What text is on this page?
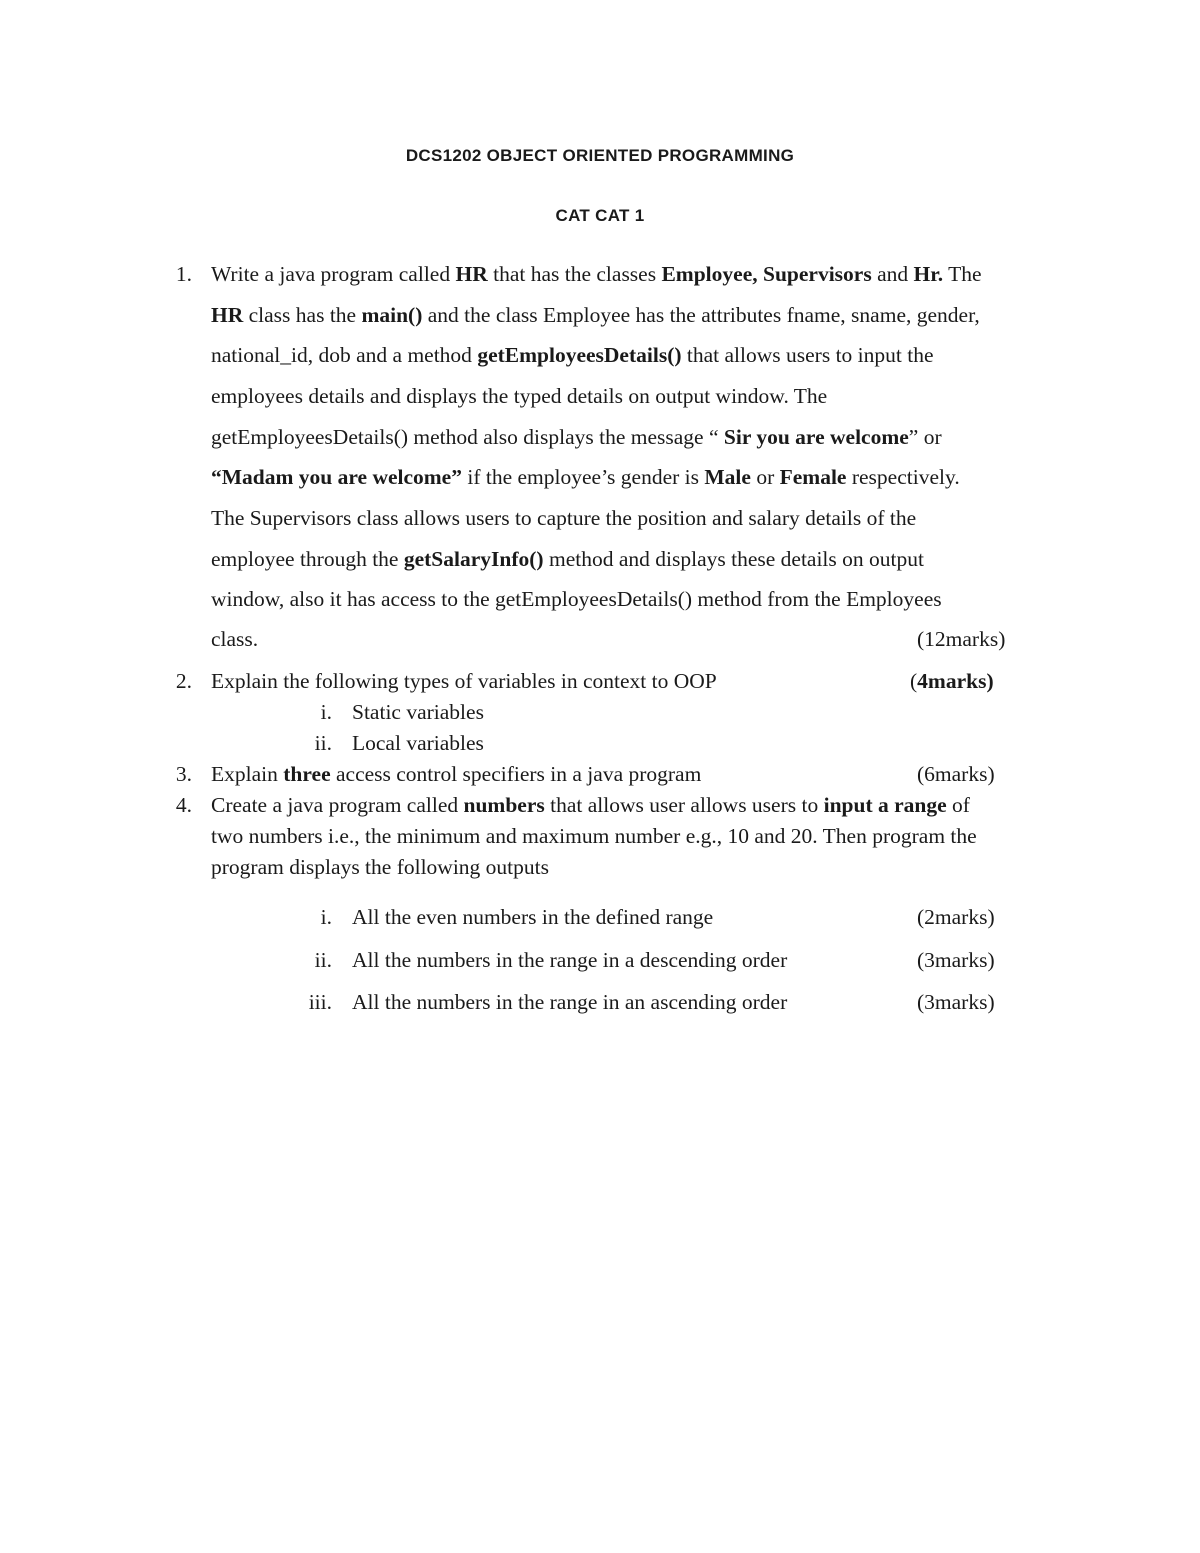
DCS1202 OBJECT ORIENTED PROGRAMMING
CAT CAT 1
1. Write a java program called HR that has the classes Employee, Supervisors and Hr. The
HR class has the main() and the class Employee has the attributes fname, sname, gender,
national_id, dob and a method getEmployeesDetails() that allows users to input the
employees details and displays the typed details on output window. The
getEmployeesDetails() method also displays the message “ Sir you are welcome” or
“Madam you are welcome” if the employee’s gender is Male or Female respectively.
The Supervisors class allows users to capture the position and salary details of the
employee through the getSalaryInfo() method and displays these details on output
window, also it has access to the getEmployeesDetails() method from the Employees
class.	(12marks)
2. Explain the following types of variables in context to OOP	(4marks)
i. Static variables
ii. Local variables
3. Explain three access control specifiers in a java program	(6marks)
4. Create a java program called numbers that allows user allows users to input a range of
two numbers i.e., the minimum and maximum number e.g., 10 and 20. Then program the
program displays the following outputs
i. All the even numbers in the defined range	(2marks)
ii. All the numbers in the range in a descending order	(3marks)
iii. All the numbers in the range in an ascending order	(3marks)
